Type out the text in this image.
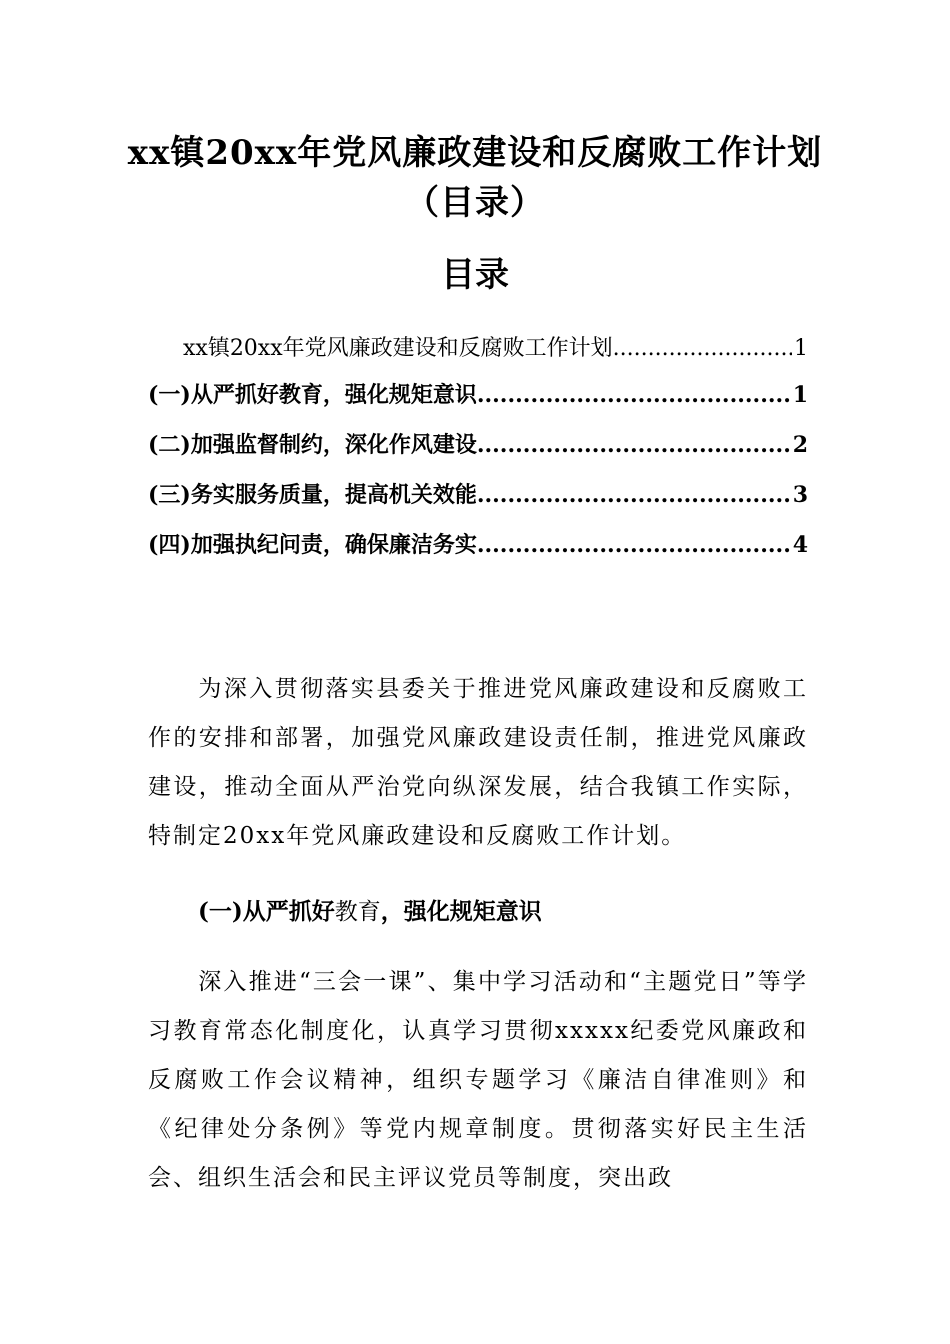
xx镇20xx年党风廉政建设和反腐败工作计划（目录）
目录
xx镇20xx年党风廉政建设和反腐败工作计划 .....	1
(一)从严抓好教育，强化规矩意识 .....	1
(二)加强监督制约，深化作风建设 .....	2
(三)务实服务质量，提高机关效能 .....	3
(四)加强执纪问责，确保廉洁务实 .....	4

为深入贯彻落实县委关于推进党风廉政建设和反腐败工作的安排和部署，加强党风廉政建设责任制，推进党风廉政建设，推动全面从严治党向纵深发展，结合我镇工作实际，特制定20xx年党风廉政建设和反腐败工作计划。

(一)从严抓好教育，强化规矩意识

深入推进“三会一课”、集中学习活动和“主题党日”等学习教育常态化制度化，认真学习贯彻xxxxx纪委党风廉政和反腐败工作会议精神，组织专题学习《廉洁自律准则》和《纪律处分条例》等党内规章制度。贯彻落实好民主生活会、组织生活会和民主评议党员等制度，突出政
